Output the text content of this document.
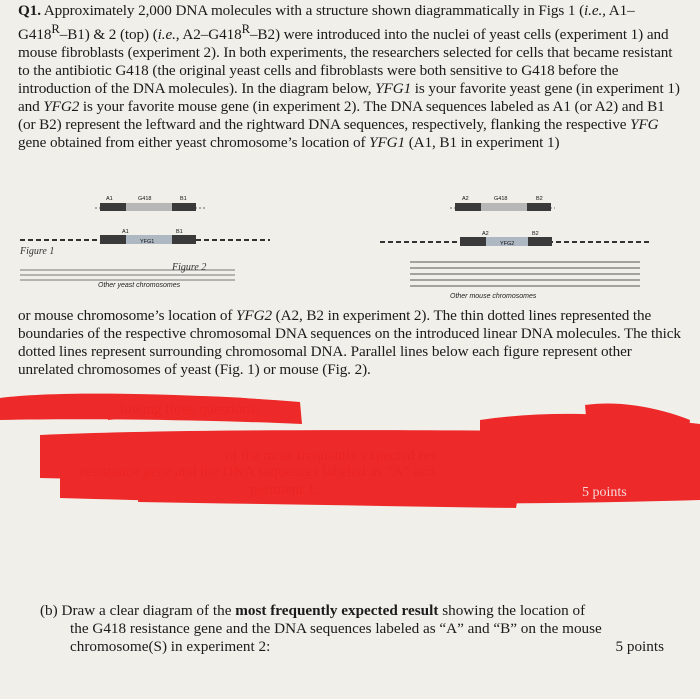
Q1. Approximately 2,000 DNA molecules with a structure shown diagrammatically in Figs 1 (i.e., $A1-G418^R-B1$) & 2 (top) (i.e., $A2-G418^R-B2$) were introduced into the nuclei of yeast cells (experiment 1) and mouse fibroblasts (experiment 2). In both experiments, the researchers selected for cells that became resistant to the antibiotic G418 (the original yeast cells and fibroblasts were both sensitive to G418 before the introduction of the DNA molecules). In the diagram below, YFG1 is your favorite yeast gene (in experiment 1) and YFG2 is your favorite mouse gene (in experiment 2). The DNA sequences labeled as A1 (or A2) and B1 (or B2) represent the leftward and the rightward DNA sequences, respectively, flanking the respective YFG gene obtained from either yeast chromosome’s location of YFG1 (A1, B1 in experiment 1)
A1	G418	B1
A1	B1
YFG1
Figure 1
Other yeast chromosomes
Figure 2
A2	G418	B2
A2	B2
YFG2
Other mouse chromosomes
or mouse chromosome’s location of YFG2 (A2, B2 in experiment 2). The thin dotted lines represented the boundaries of the respective chromosomal DNA sequences on the introduced linear DNA molecules. The thick dotted lines represent surrounding chromosomal DNA. Parallel lines below each figure represent other unrelated chromosomes of yeast (Fig. 1) or mouse (Fig. 2).
5 points
(b) Draw a clear diagram of the most frequently expected result showing the location of
the G418 resistance gene and the DNA sequences labeled as “A” and “B” on the mouse
chromosome(S) in experiment 2:	5 points
